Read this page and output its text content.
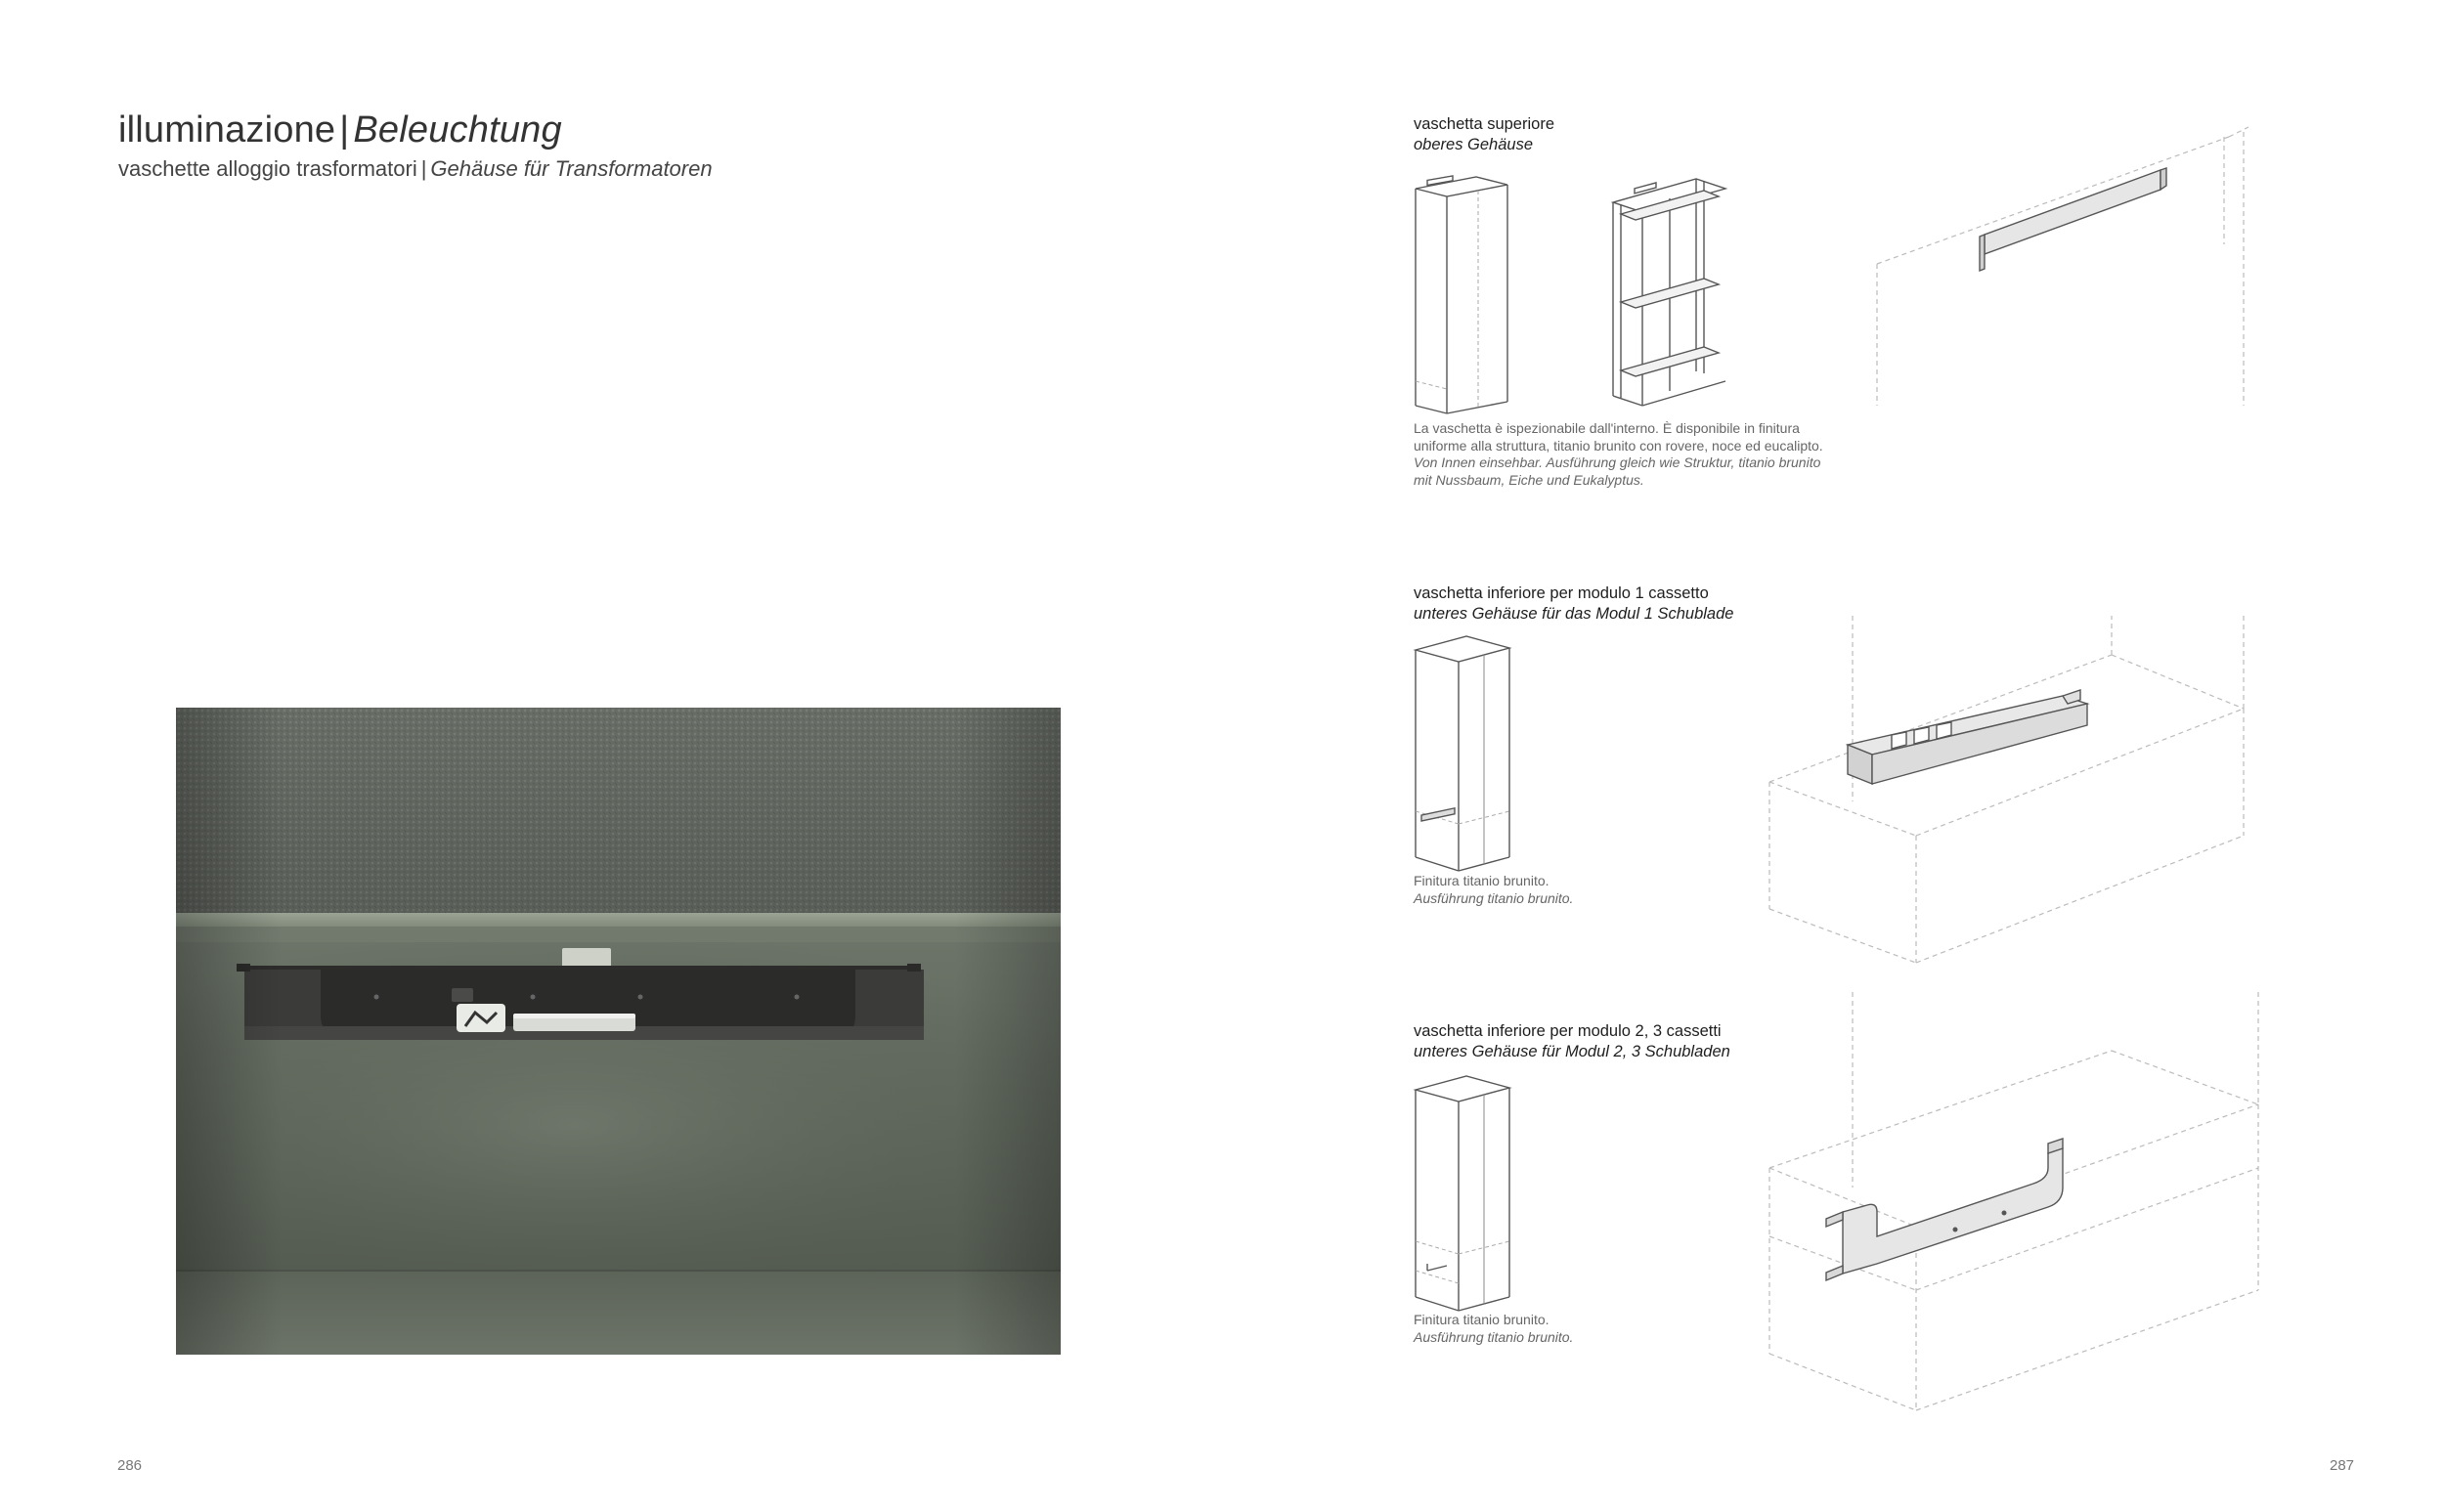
illuminazione | Beleuchtung
vaschette alloggio trasformatori | Gehäuse für Transformatoren
286
vaschetta superiore
oberes Gehäuse
La vaschetta è ispezionabile dall'interno. È disponibile in finitura uniforme alla struttura, titanio brunito con rovere, noce ed eucalipto.
Von Innen einsehbar. Ausführung gleich wie Struktur, titanio brunito mit Nussbaum, Eiche und Eukalyptus.
vaschetta inferiore per modulo 1 cassetto
unteres Gehäuse für das Modul 1 Schublade
Finitura titanio brunito.
Ausführung titanio brunito.
vaschetta inferiore per modulo 2, 3 cassetti
unteres Gehäuse für Modul 2, 3 Schubladen
Finitura titanio brunito.
Ausführung titanio brunito.
287
